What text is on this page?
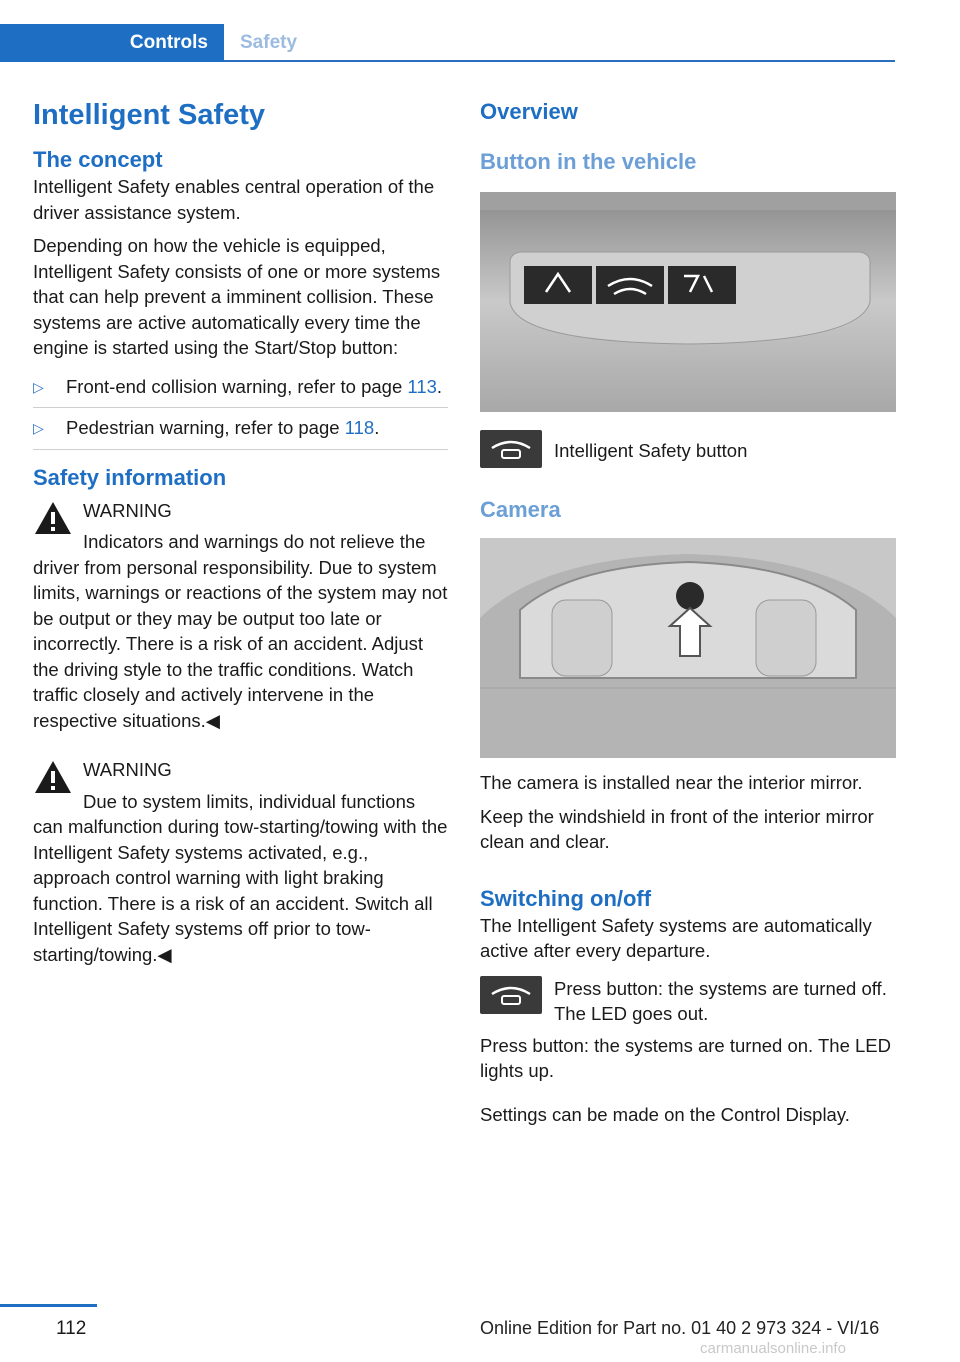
Controls	Safety
Intelligent Safety
The concept

Intelligent Safety enables central operation of the driver assistance system.

Depending on how the vehicle is equipped, Intelligent Safety consists of one or more systems that can help prevent a imminent collision. These systems are active automatically every time the engine is started using the Start/Stop button:

▷	Front-end collision warning, refer to page 113.
▷	Pedestrian warning, refer to page 118.
Safety information

WARNING

Indicators and warnings do not relieve the driver from personal responsibility. Due to system limits, warnings or reactions of the system may not be output or they may be output too late or incorrectly. There is a risk of an accident. Adjust the driving style to the traffic conditions. Watch traffic closely and actively intervene in the respective situations.◀

WARNING

Due to system limits, individual functions can malfunction during tow-starting/towing with the Intelligent Safety systems activated, e.g., approach control warning with light braking function. There is a risk of an accident. Switch all Intelligent Safety systems off prior to tow-starting/towing.◀

Overview
Button in the vehicle

Intelligent Safety button

Camera

The camera is installed near the interior mirror.

Keep the windshield in front of the interior mirror clean and clear.

Switching on/off

The Intelligent Safety systems are automatically active after every departure.

Press button: the systems are turned off. The LED goes out.

Press button: the systems are turned on. The LED lights up.

Settings can be made on the Control Display.

112	Online Edition for Part no. 01 40 2 973 324 - VI/16
carmanualsonline.info
